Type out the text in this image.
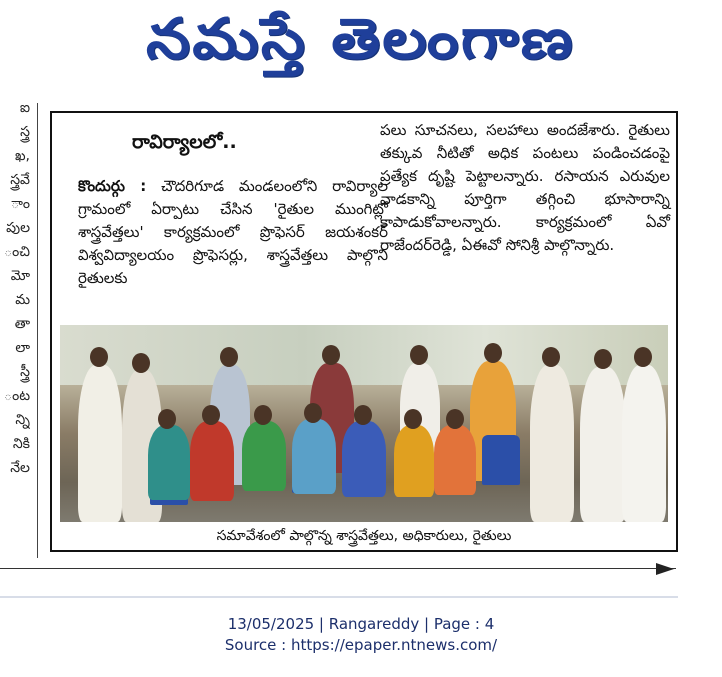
నమస్తే తెలంగాణ
ఐ
స్త్ర
ఖ,
స్త్రవే
ాం
పుల
ంచి
మో
మ
తా
లా
స్త్రీ
ంట
న్ని
నికి
నేల
రావిర్యాలలో..
కొందుర్గు : చౌదరిగూడ మండలంలోని రావిర్యాల గ్రామంలో ఏర్పాటు చేసిన 'రైతుల ముంగిట్లో శాస్త్రవేత్తలు' కార్యక్రమంలో ప్రొఫెసర్ జయశంకర్ విశ్వవిద్యాలయం ప్రొఫెసర్లు, శాస్త్రవేత్తలు పాల్గొని రైతులకు
పలు సూచనలు, సలహాలు అందజేశారు. రైతులు తక్కువ నీటితో అధిక పంటలు పండించడంపై ప్రత్యేక దృష్టి పెట్టాలన్నారు. రసాయన ఎరువుల వాడకాన్ని పూర్తిగా తగ్గించి భూసారాన్ని కాపాడుకోవాలన్నారు. కార్యక్రమంలో ఏవో రాజేందర్‌రెడ్డి, ఏఈవో సోనిశ్రీ పాల్గొన్నారు.
సమావేశంలో పాల్గొన్న శాస్త్రవేత్తలు, అధికారులు, రైతులు
13/05/2025 | Rangareddy | Page : 4
Source : https://epaper.ntnews.com/
